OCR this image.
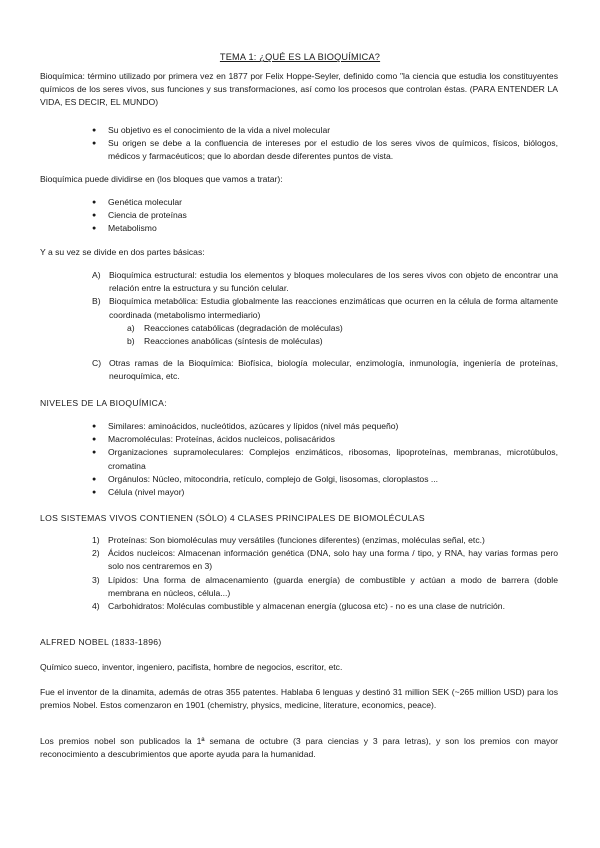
TEMA 1: ¿QUÉ ES LA BIOQUÍMICA?

Bioquímica: término utilizado por primera vez en 1877 por Felix Hoppe-Seyler, definido como "la ciencia que estudia los constituyentes químicos de los seres vivos, sus funciones y sus transformaciones, así como los procesos que controlan éstas. (PARA ENTENDER LA VIDA, ES DECIR, EL MUNDO)

● Su objetivo es el conocimiento de la vida a nivel molecular
● Su origen se debe a la confluencia de intereses por el estudio de los seres vivos de químicos, físicos, biólogos, médicos y farmacéuticos; que lo abordan desde diferentes puntos de vista.

Bioquímica puede dividirse en (los bloques que vamos a tratar):

● Genética molecular
● Ciencia de proteínas
● Metabolismo

Y a su vez se divide en dos partes básicas:

A) Bioquímica estructural: estudia los elementos y bloques moleculares de los seres vivos con objeto de encontrar una relación entre la estructura y su función celular.
B) Bioquímica metabólica: Estudia globalmente las reacciones enzimáticas que ocurren en la célula de forma altamente coordinada (metabolismo intermediario)
a) Reacciones catabólicas (degradación de moléculas)
b) Reacciones anabólicas (síntesis de moléculas)
C) Otras ramas de la Bioquímica: Biofísica, biología molecular, enzimología, inmunología, ingeniería de proteínas, neuroquímica, etc.

NIVELES DE LA BIOQUÍMICA:

● Similares: aminoácidos, nucleótidos, azúcares y lípidos (nivel más pequeño)
● Macromoléculas: Proteínas, ácidos nucleicos, polisacáridos
● Organizaciones supramoleculares: Complejos enzimáticos, ribosomas, lipoproteínas, membranas, microtúbulos, cromatina
● Orgánulos: Núcleo, mitocondria, retículo, complejo de Golgi, lisosomas, cloroplastos ...
● Célula (nivel mayor)

LOS SISTEMAS VIVOS CONTIENEN (SÓLO) 4 CLASES PRINCIPALES DE BIOMOLÉCULAS

1) Proteínas: Son biomoléculas muy versátiles (funciones diferentes) (enzimas, moléculas señal, etc.)
2) Ácidos nucleicos: Almacenan información genética (DNA, solo hay una forma / tipo, y RNA, hay varias formas pero solo nos centraremos en 3)
3) Lípidos: Una forma de almacenamiento (guarda energía) de combustible y actúan a modo de barrera (doble membrana en núcleos, célula...)
4) Carbohidratos: Moléculas combustible y almacenan energía (glucosa etc) - no es una clase de nutrición.

ALFRED NOBEL (1833-1896)

Químico sueco, inventor, ingeniero, pacifista, hombre de negocios, escritor, etc.

Fue el inventor de la dinamita, además de otras 355 patentes. Hablaba 6 lenguas y destinó 31 million SEK (~265 million USD) para los premios Nobel. Estos comenzaron en 1901 (chemistry, physics, medicine, literature, economics, peace).

Los premios nobel son publicados la 1ª semana de octubre (3 para ciencias y 3 para letras), y son los premios con mayor reconocimiento a descubrimientos que aporte ayuda para la humanidad.
